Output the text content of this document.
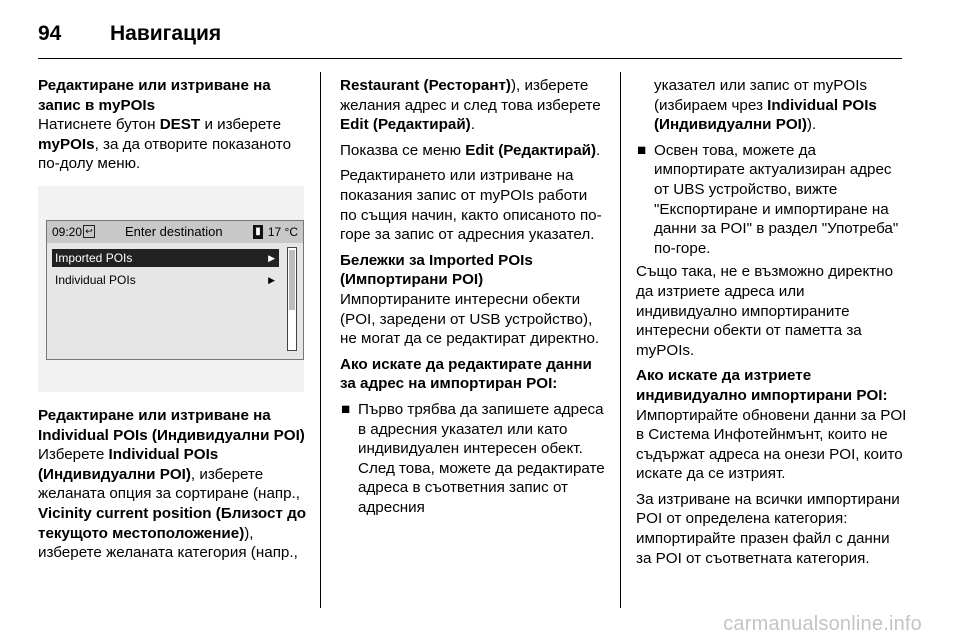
94 Навигация

Редактиране или изтриване на запис в myPOIs

Натиснете бутон DEST и изберете myPOIs, за да отворите показаното по-долу меню.

09:20 ↩ Enter destination	▮ 17 °C
Imported POIs	▶
Individual POIs	▶

Редактиране или изтриване на Individual POIs (Индивидуални POI)

Изберете Individual POIs (Индивидуални POI), изберете желаната опция за сортиране (напр., Vicinity current position (Близост до текущото местоположение)), изберете желаната категория (напр.,

Restaurant (Ресторант)), изберете желания адрес и след това изберете Edit (Редактирай).

Показва се меню Edit (Редактирай).

Редактирането или изтриване на показания запис от myPOIs работи по същия начин, както описаното по-горе за запис от адресния указател.

Бележки за Imported POIs (Импортирани POI)

Импортираните интересни обекти (POI, заредени от USB устройство), не могат да се редактират директно.

Ако искате да редактирате данни за адрес на импортиран POI:

■ Първо трябва да запишете адреса в адресния указател или като индивидуален интересен обект. След това, можете да редактирате адреса в съответния запис от адресния

указател или запис от myPOIs (избираем чрез Individual POIs (Индивидуални POI)).

■ Освен това, можете да импортирате актуализиран адрес от UBS устройство, вижте "Експортиране и импортиране на данни за POI" в раздел "Употреба" по-горе.

Също така, не е възможно директно да изтриете адреса или индивидуално импортираните интересни обекти от паметта за myPOIs.

Ако искате да изтриете индивидуално импортирани POI:

Импортирайте обновени данни за POI в Система Инфотейнмънт, които не съдържат адреса на онези POI, които искате да се изтрият.

За изтриване на всички импортирани POI от определена категория: импортирайте празен файл с данни за POI от съответната категория.

carmanualsonline.info
